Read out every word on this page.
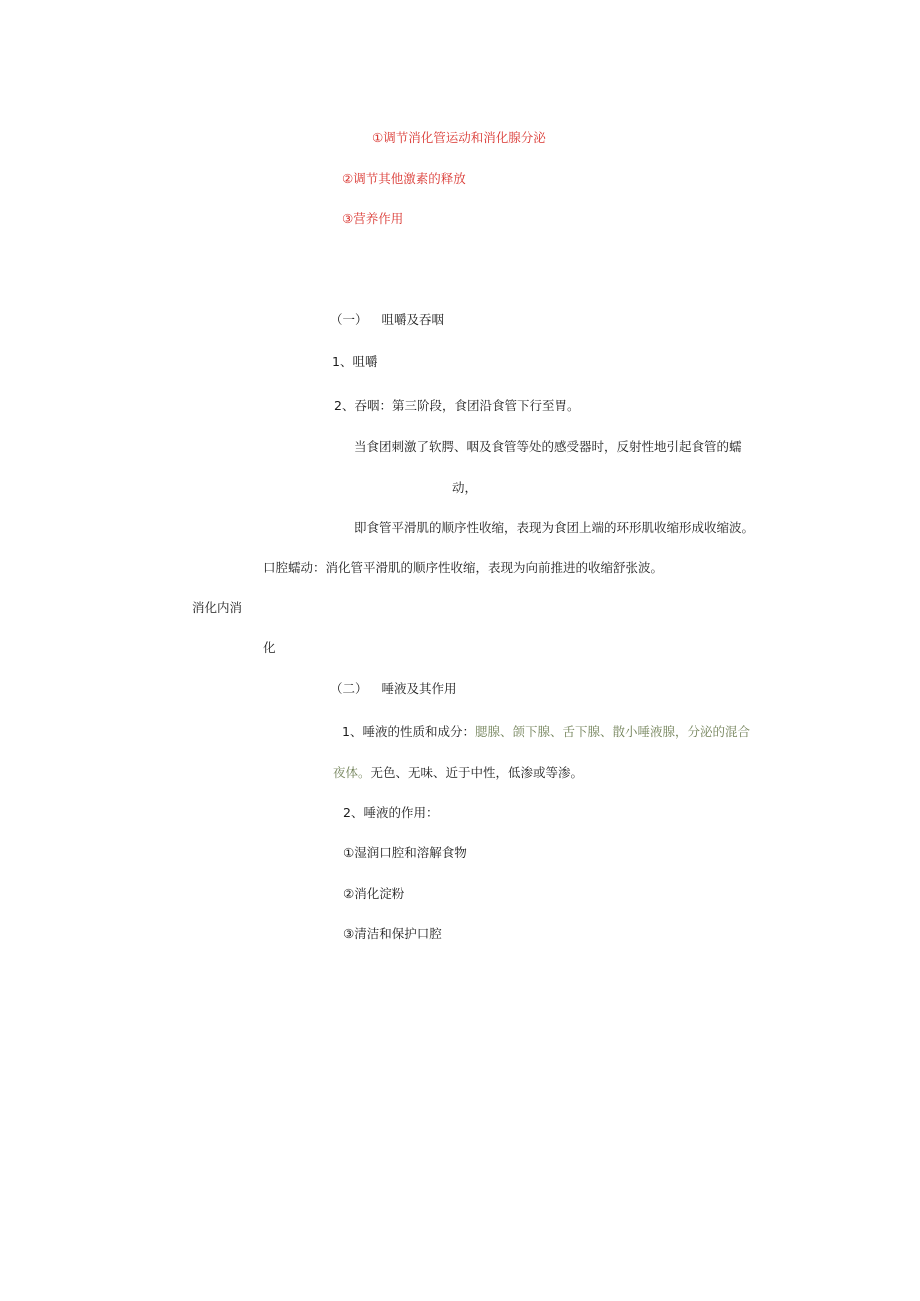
①调节消化管运动和消化腺分泌
②调节其他激素的释放
③营养作用
（一） 咀嚼及吞咽
1、咀嚼
2、吞咽：第三阶段，食团沿食管下行至胃。
当食团刺激了软腭、咽及食管等处的感受器时，反射性地引起食管的蠕
动，
即食管平滑肌的顺序性收缩，表现为食团上端的环形肌收缩形成收缩波。
口腔蠕动：消化管平滑肌的顺序性收缩，表现为向前推进的收缩舒张波。
消化内消
化
（二） 唾液及其作用
1、唾液的性质和成分：腮腺、颌下腺、舌下腺、散小唾液腺，分泌的混合
夜体。无色、无味、近于中性，低渗或等渗。
2、唾液的作用：
①湿润口腔和溶解食物
②消化淀粉
③清洁和保护口腔
